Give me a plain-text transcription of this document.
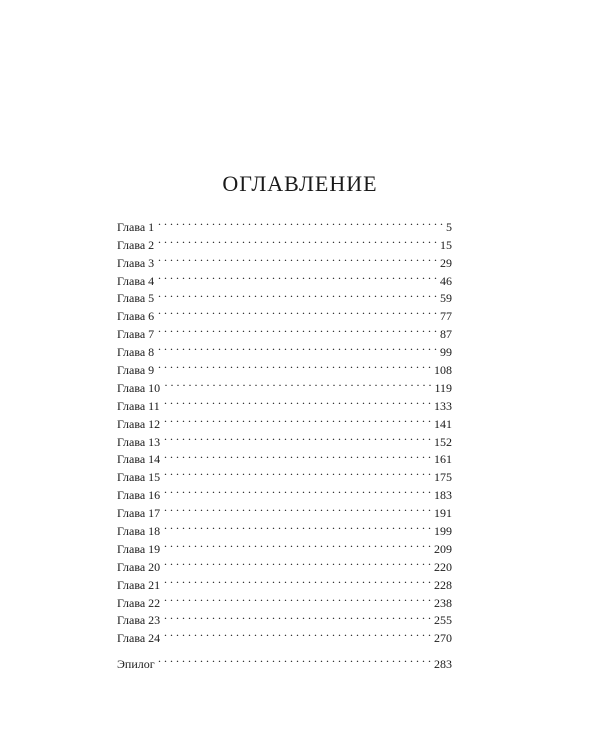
ОГЛАВЛЕНИЕ
Глава 1 . . .	5
Глава 2 . . .	15
Глава 3 . . .	29
Глава 4 . . .	46
Глава 5 . . .	59
Глава 6 . . .	77
Глава 7 . . .	87
Глава 8 . . .	99
Глава 9 . . .	108
Глава 10 . . .	119
Глава 11 . . .	133
Глава 12 . . .	141
Глава 13 . . .	152
Глава 14 . . .	161
Глава 15 . . .	175
Глава 16 . . .	183
Глава 17 . . .	191
Глава 18 . . .	199
Глава 19 . . .	209
Глава 20 . . .	220
Глава 21 . . .	228
Глава 22 . . .	238
Глава 23 . . .	255
Глава 24 . . .	270
Эпилог . . .	283
